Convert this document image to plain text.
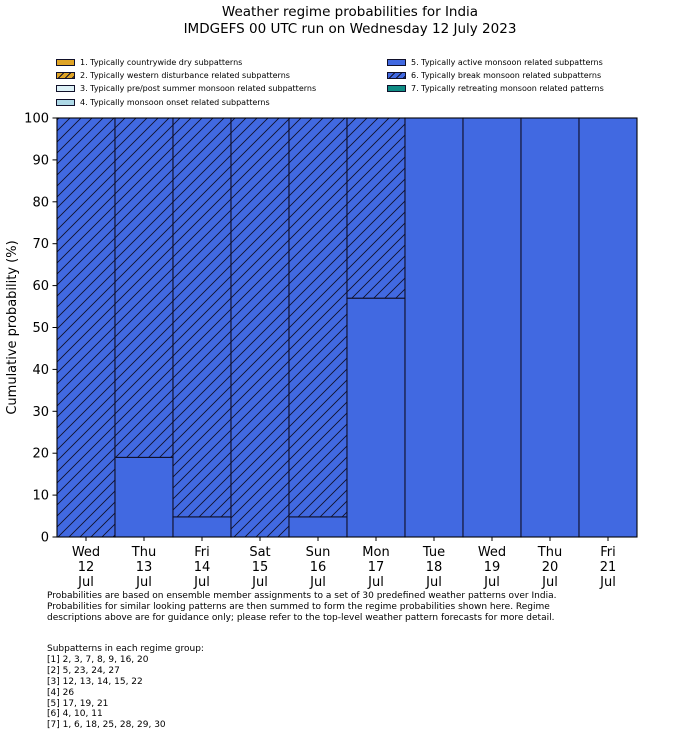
Weather regime probabilities for India
IMDGEFS 00 UTC run on Wednesday 12 July 2023
1. Typically countrywide dry subpatterns
2. Typically western disturbance related subpatterns
3. Typically pre/post summer monsoon related subpatterns
4. Typically monsoon onset related subpatterns
5. Typically active monsoon related subpatterns
6. Typically break monsoon related subpatterns
7. Typically retreating monsoon related patterns
0
10
20
30
40
50
60
70
80
90
100
Cumulative probability (%)
Wed
12
Jul
Thu
13
Jul
Fri
14
Jul
Sat
15
Jul
Sun
16
Jul
Mon
17
Jul
Tue
18
Jul
Wed
19
Jul
Thu
20
Jul
Fri
21
Jul
Probabilities are based on ensemble member assignments to a set of 30 predefined weather patterns over India.
Probabilities for similar looking patterns are then summed to form the regime probabilities shown here. Regime
descriptions above are for guidance only; please refer to the top-level weather pattern forecasts for more detail.
Subpatterns in each regime group:
[1] 2, 3, 7, 8, 9, 16, 20
[2] 5, 23, 24, 27
[3] 12, 13, 14, 15, 22
[4] 26
[5] 17, 19, 21
[6] 4, 10, 11
[7] 1, 6, 18, 25, 28, 29, 30
